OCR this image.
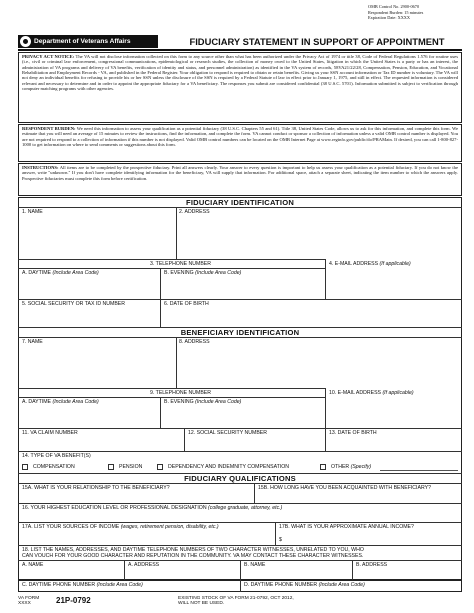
OMB Control No. 2900-0670
Respondent Burden: 15 minutes
Expiration Date: XXXX
Department of Veterans Affairs	FIDUCIARY STATEMENT IN SUPPORT OF APPOINTMENT
PRIVACY ACT NOTICE: The VA will not disclose information collected on this form to any source other than what has been authorized under the Privacy Act of 1974 or title 38, Code of Federal Regulations 1.576 for routine uses (i.e., civil or criminal law enforcement, congressional communications, epidemiological or research studies, the collection of money owed to the United States, litigation in which the United States is a party or has an interest, the administration of VA programs and delivery of VA benefits, verification of identity and status, and personnel administration) as identified in the VA system of records, 58VA21/22/28, Compensation, Pension, Education, and Vocational Rehabilitation and Employment Records - VA, and published in the Federal Register. Your obligation to respond is required to obtain or retain benefits. Giving us your SSN account information or Tax ID number is voluntary. The VA will not deny an individual benefits for refusing to provide his or her SSN unless the disclosure of the SSN is required by a Federal Statute of law in effect prior to January 1, 1975, and still in effect. The requested information is considered relevant and necessary to determine and in order to appoint the appropriate fiduciary for a VA beneficiary. The responses you submit are considered confidential (38 U.S.C. 5701). Information submitted is subject to verification through computer matching programs with other agencies.
RESPONDENT BURDEN: We need this information to assess your qualification as a potential fiduciary (38 U.S.C. Chapters 55 and 61). Title 38, United States Code, allows us to ask for this information, and complete this form. We estimate that you will need an average of 15 minutes to review the instructions, find the information, and complete the form. VA cannot conduct or sponsor a collection of information unless a valid OMB control number is displayed. You are not required to respond to a collection of information if this number is not displayed. Valid OMB control numbers can be located on the OMB Internet Page at www.reginfo.gov/public/do/PRAMain. If desired, you can call 1-800-827-1000 to get information on where to send comments or suggestions about this form.
INSTRUCTIONS: All items are to be completed by the prospective fiduciary. Print all answers clearly. Your answer to every question is important to help us assess your qualification as a potential fiduciary. If you do not know the answer, write "unknown." If you don't have complete identifying information for the beneficiary, VA will supply that information. For additional space, attach a separate sheet, indicating the item number to which the answers apply. Prospective fiduciaries must complete this form before certification.
FIDUCIARY IDENTIFICATION
1. NAME	2. ADDRESS
3. TELEPHONE NUMBER	4. E-MAIL ADDRESS (If applicable)
A. DAYTIME (Include Area Code)	B. EVENING (Include Area Code)
5. SOCIAL SECURITY OR TAX ID NUMBER	6. DATE OF BIRTH
BENEFICIARY IDENTIFICATION
7. NAME	8. ADDRESS
9. TELEPHONE NUMBER	10. E-MAIL ADDRESS (If applicable)
A. DAYTIME (Include Area Code)	B. EVENING (Include Area Code)
11. VA CLAIM NUMBER	12. SOCIAL SECURITY NUMBER	13. DATE OF BIRTH
14. TYPE OF VA BENEFIT(S)
COMPENSATION	PENSION	DEPENDENCY AND INDEMNITY COMPENSATION	OTHER (Specify)
FIDUCIARY QUALIFICATIONS
15A. WHAT IS YOUR RELATIONSHIP TO THE BENEFICIARY?	15B. HOW LONG HAVE YOU BEEN ACQUAINTED WITH BENEFICIARY?
16. YOUR HIGHEST EDUCATION LEVEL OR PROFESSIONAL DESIGNATION (college graduate, attorney, etc.)
17A. LIST YOUR SOURCES OF INCOME (wages, retirement pension, disability, etc.)	17B. WHAT IS YOUR APPROXIMATE ANNUAL INCOME?
$
18. LIST THE NAMES, ADDRESSES, AND DAYTIME TELEPHONE NUMBERS OF TWO CHARACTER WITNESSES, UNRELATED TO YOU, WHO
CAN VOUCH FOR YOUR GOOD CHARACTER AND REPUTATION IN THE COMMUNITY. VA MAY CONTACT THESE CHARACTER WITNESSES.
A. NAME	A. ADDRESS	B. NAME	B. ADDRESS
C. DAYTIME PHONE NUMBER (Include Area Code)	D. DAYTIME PHONE NUMBER (Include Area Code)
VA FORM
XXXX	21P-0792	EXISTING STOCK OF VA FORM 21-0792, OCT 2012,
WILL NOT BE USED.
